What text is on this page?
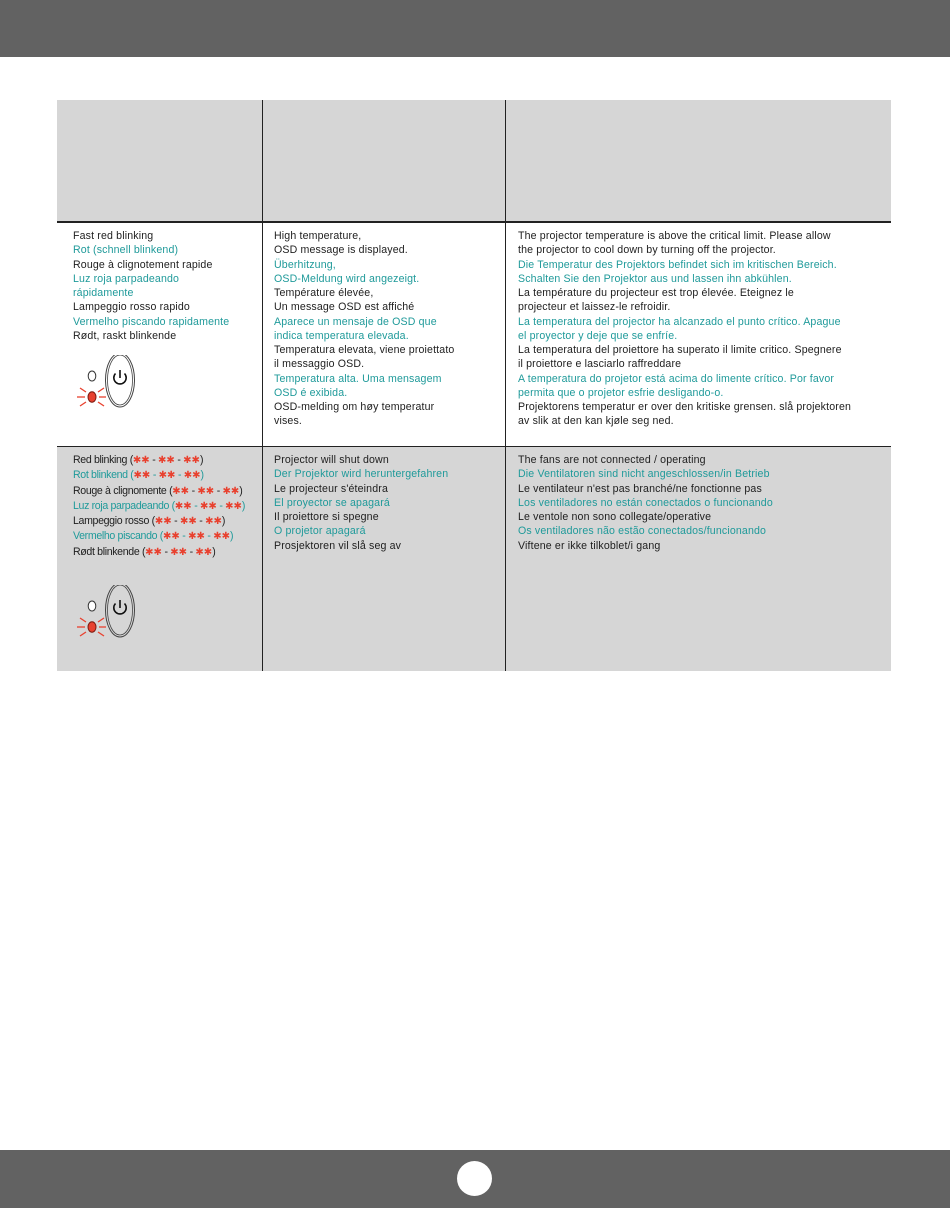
Fast red blinking
Rot (schnell blinkend)
Rouge à clignotement rapide
Luz roja parpadeando
rápidamente
Lampeggio rosso rapido
Vermelho piscando rapidamente
Rødt, raskt blinkende
High temperature,
OSD message is displayed.
Überhitzung,
OSD-Meldung wird angezeigt.
Température élevée,
Un message OSD est affiché
Aparece un mensaje de OSD que
indica temperatura elevada.
Temperatura elevata, viene proiettato
il messaggio OSD.
Temperatura alta. Uma mensagem
OSD é exibida.
OSD-melding om høy temperatur
vises.
The projector temperature is above the critical limit. Please allow
the projector to cool down by turning off the projector.
Die Temperatur des Projektors befindet sich im kritischen Bereich.
Schalten Sie den Projektor aus und lassen ihn abkühlen.
La température du projecteur est trop élevée. Eteignez le
projecteur et laissez-le refroidir.
La temperatura del projector ha alcanzado el punto crítico. Apague
el proyector y deje que se enfríe.
La temperatura del proiettore ha superato il limite critico. Spegnere
il proiettore e lasciarlo raffreddare
A temperatura do projetor está acima do limente crítico. Por favor
permita que o projetor esfrie desligando-o.
Projektorens temperatur er over den kritiske grensen. slå projektoren
av slik at den kan kjøle seg ned.
Red blinking (✱✱ - ✱✱ - ✱✱)
Rot blinkend (✱✱ - ✱✱ - ✱✱)
Rouge à clignomente (✱✱ - ✱✱ - ✱✱)
Luz roja parpadeando (✱✱ - ✱✱ - ✱✱)
Lampeggio rosso (✱✱ - ✱✱ - ✱✱)
Vermelho piscando (✱✱ - ✱✱ - ✱✱)
Rødt blinkende (✱✱ - ✱✱ - ✱✱)
Projector will shut down
Der Projektor wird heruntergefahren
Le projecteur s'éteindra
El proyector se apagará
Il proiettore si spegne
O projetor apagará
Prosjektoren vil slå seg av
The fans are not connected / operating
Die Ventilatoren sind nicht angeschlossen/in Betrieb
Le ventilateur n'est pas branché/ne fonctionne pas
Los ventiladores no están conectados o funcionando
Le ventole non sono collegate/operative
Os ventiladores não estão conectados/funcionando
Viftene er ikke tilkoblet/i gang
